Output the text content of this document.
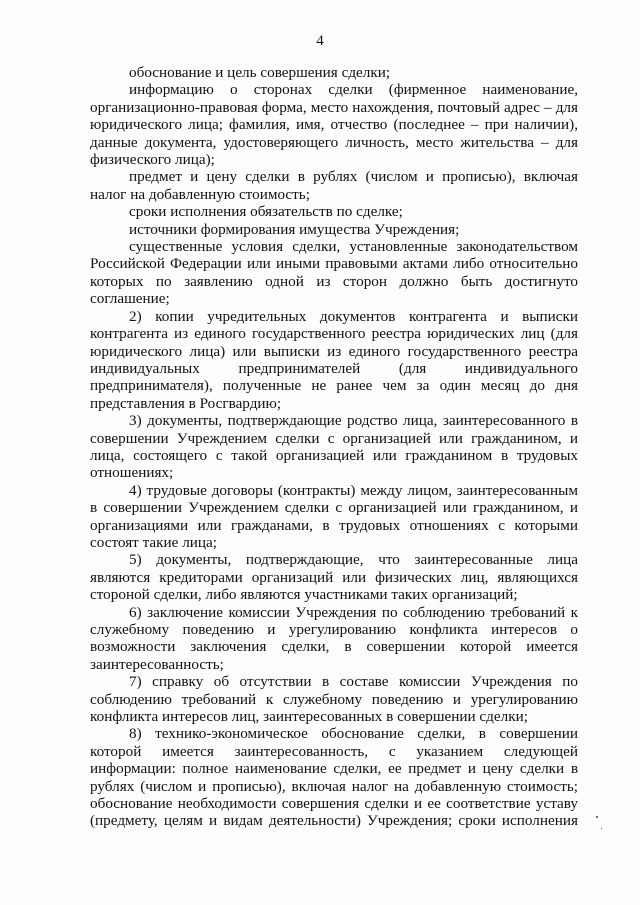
4

обоснование и цель совершения сделки;

информацию о сторонах сделки (фирменное наименование, организационно-правовая форма, место нахождения, почтовый адрес – для юридического лица; фамилия, имя, отчество (последнее – при наличии), данные документа, удостоверяющего личность, место жительства – для физического лица);

предмет и цену сделки в рублях (числом и прописью), включая налог на добавленную стоимость;

сроки исполнения обязательств по сделке;

источники формирования имущества Учреждения;

существенные условия сделки, установленные законодательством Российской Федерации или иными правовыми актами либо относительно которых по заявлению одной из сторон должно быть достигнуто соглашение;

2) копии учредительных документов контрагента и выписки контрагента из единого государственного реестра юридических лиц (для юридического лица) или выписки из единого государственного реестра индивидуальных предпринимателей (для индивидуального предпринимателя), полученные не ранее чем за один месяц до дня представления в Росгвардию;

3) документы, подтверждающие родство лица, заинтересованного в совершении Учреждением сделки с организацией или гражданином, и лица, состоящего с такой организацией или гражданином в трудовых отношениях;

4) трудовые договоры (контракты) между лицом, заинтересованным в совершении Учреждением сделки с организацией или гражданином, и организациями или гражданами, в трудовых отношениях с которыми состоят такие лица;

5) документы, подтверждающие, что заинтересованные лица являются кредиторами организаций или физических лиц, являющихся стороной сделки, либо являются участниками таких организаций;

6) заключение комиссии Учреждения по соблюдению требований к служебному поведению и урегулированию конфликта интересов о возможности заключения сделки, в совершении которой имеется заинтересованность;

7) справку об отсутствии в составе комиссии Учреждения по соблюдению требований к служебному поведению и урегулированию конфликта интересов лиц, заинтересованных в совершении сделки;

8) технико-экономическое обоснование сделки, в совершении которой имеется заинтересованность, с указанием следующей информации: полное наименование сделки, ее предмет и цену сделки в рублях (числом и прописью), включая налог на добавленную стоимость; обоснование необходимости совершения сделки и ее соответствие уставу (предмету, целям и видам деятельности) Учреждения; сроки исполнения
